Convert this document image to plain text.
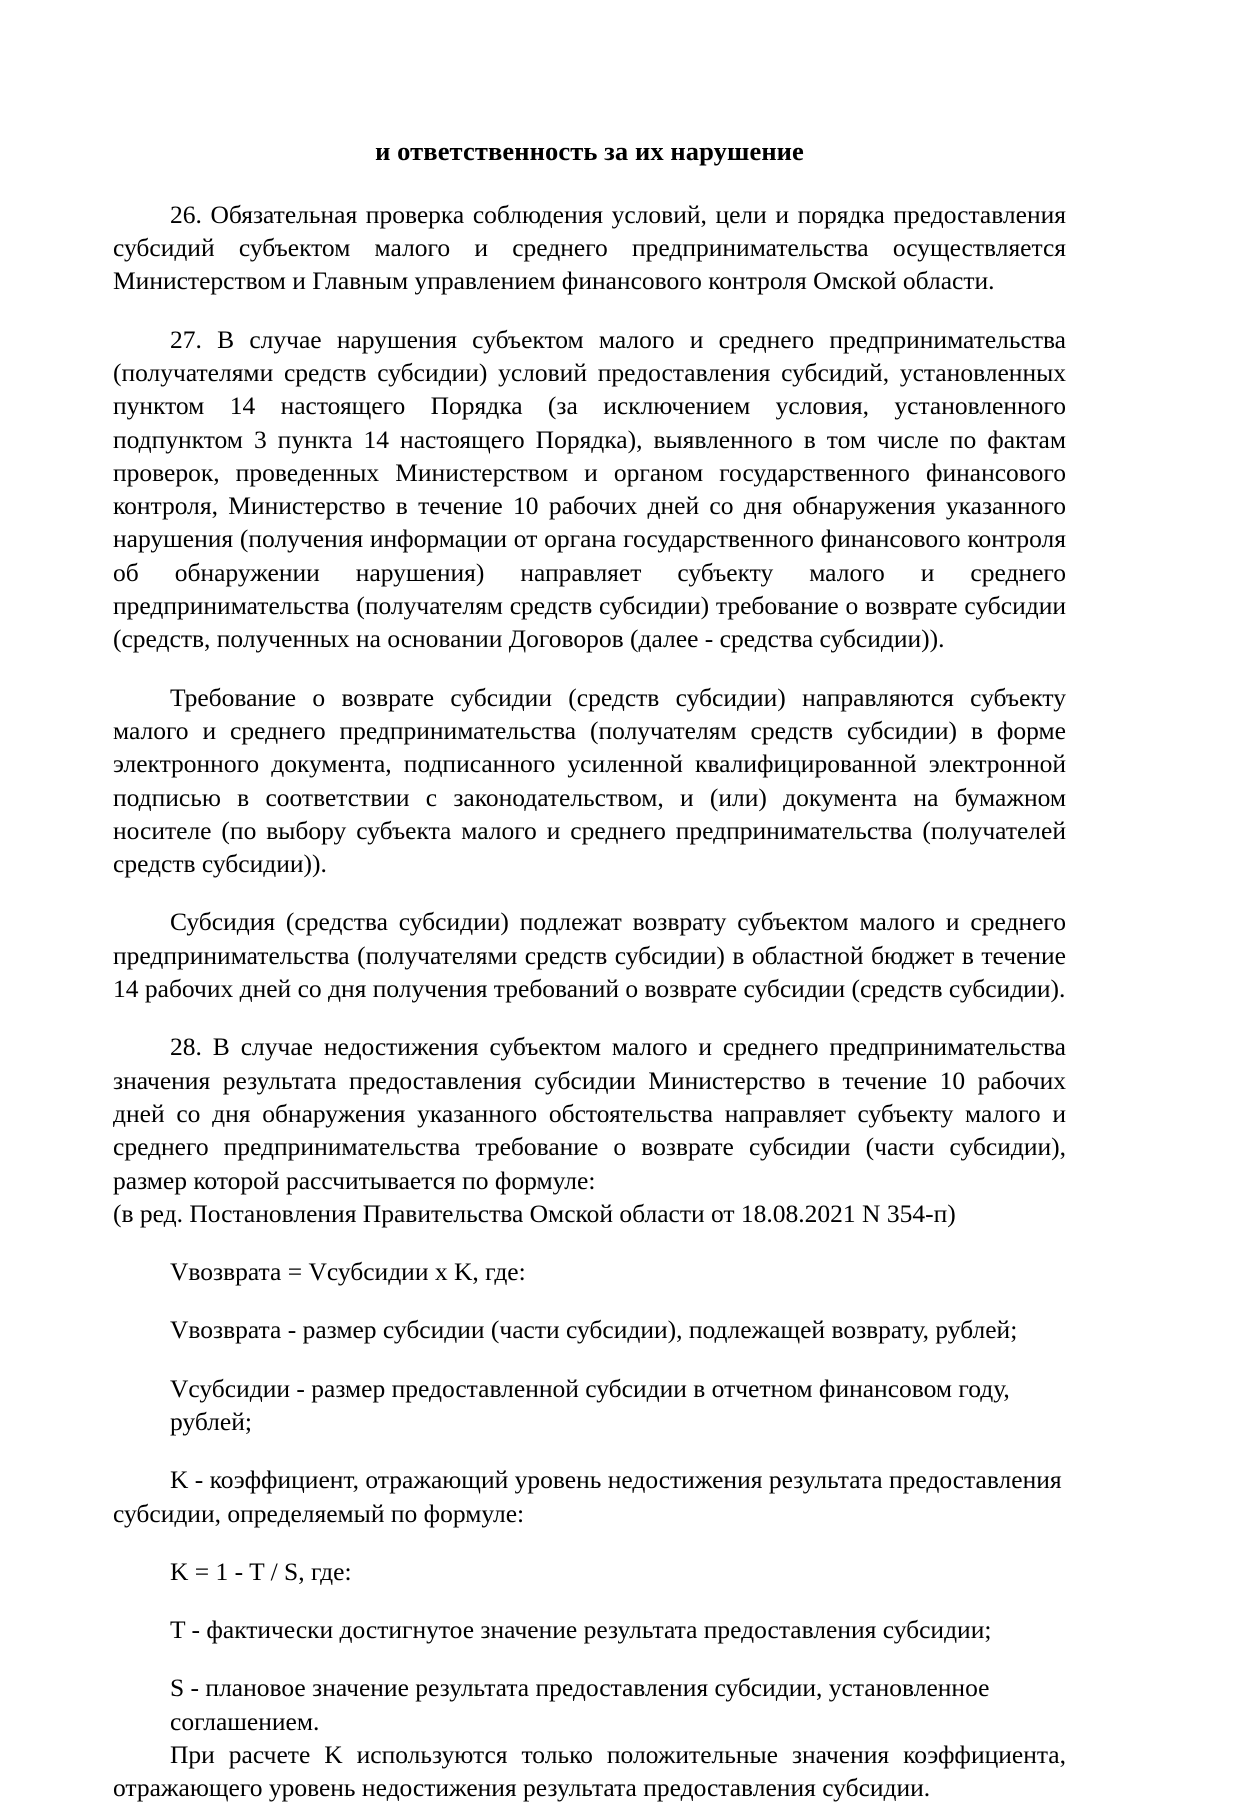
и ответственность за их нарушение

26. Обязательная проверка соблюдения условий, цели и порядка предоставления субсидий субъектом малого и среднего предпринимательства осуществляется Министерством и Главным управлением финансового контроля Омской области.

27. В случае нарушения субъектом малого и среднего предпринимательства (получателями средств субсидии) условий предоставления субсидий, установленных пунктом 14 настоящего Порядка (за исключением условия, установленного подпунктом 3 пункта 14 настоящего Порядка), выявленного в том числе по фактам проверок, проведенных Министерством и органом государственного финансового контроля, Министерство в течение 10 рабочих дней со дня обнаружения указанного нарушения (получения информации от органа государственного финансового контроля об обнаружении нарушения) направляет субъекту малого и среднего предпринимательства (получателям средств субсидии) требование о возврате субсидии (средств, полученных на основании Договоров (далее - средства субсидии)).

Требование о возврате субсидии (средств субсидии) направляются субъекту малого и среднего предпринимательства (получателям средств субсидии) в форме электронного документа, подписанного усиленной квалифицированной электронной подписью в соответствии с законодательством, и (или) документа на бумажном носителе (по выбору субъекта малого и среднего предпринимательства (получателей средств субсидии)).

Субсидия (средства субсидии) подлежат возврату субъектом малого и среднего предпринимательства (получателями средств субсидии) в областной бюджет в течение 14 рабочих дней со дня получения требований о возврате субсидии (средств субсидии).

28. В случае недостижения субъектом малого и среднего предпринимательства значения результата предоставления субсидии Министерство в течение 10 рабочих дней со дня обнаружения указанного обстоятельства направляет субъекту малого и среднего предпринимательства требование о возврате субсидии (части субсидии), размер которой рассчитывается по формуле:

(в ред. Постановления Правительства Омской области от 18.08.2021 N 354-п)

Vвозврата = Vсубсидии x K, где:

Vвозврата - размер субсидии (части субсидии), подлежащей возврату, рублей;

Vсубсидии - размер предоставленной субсидии в отчетном финансовом году, рублей;

K - коэффициент, отражающий уровень недостижения результата предоставления субсидии, определяемый по формуле:

K = 1 - T / S, где:

T - фактически достигнутое значение результата предоставления субсидии;

S - плановое значение результата предоставления субсидии, установленное соглашением.

При расчете K используются только положительные значения коэффициента, отражающего уровень недостижения результата предоставления субсидии.
